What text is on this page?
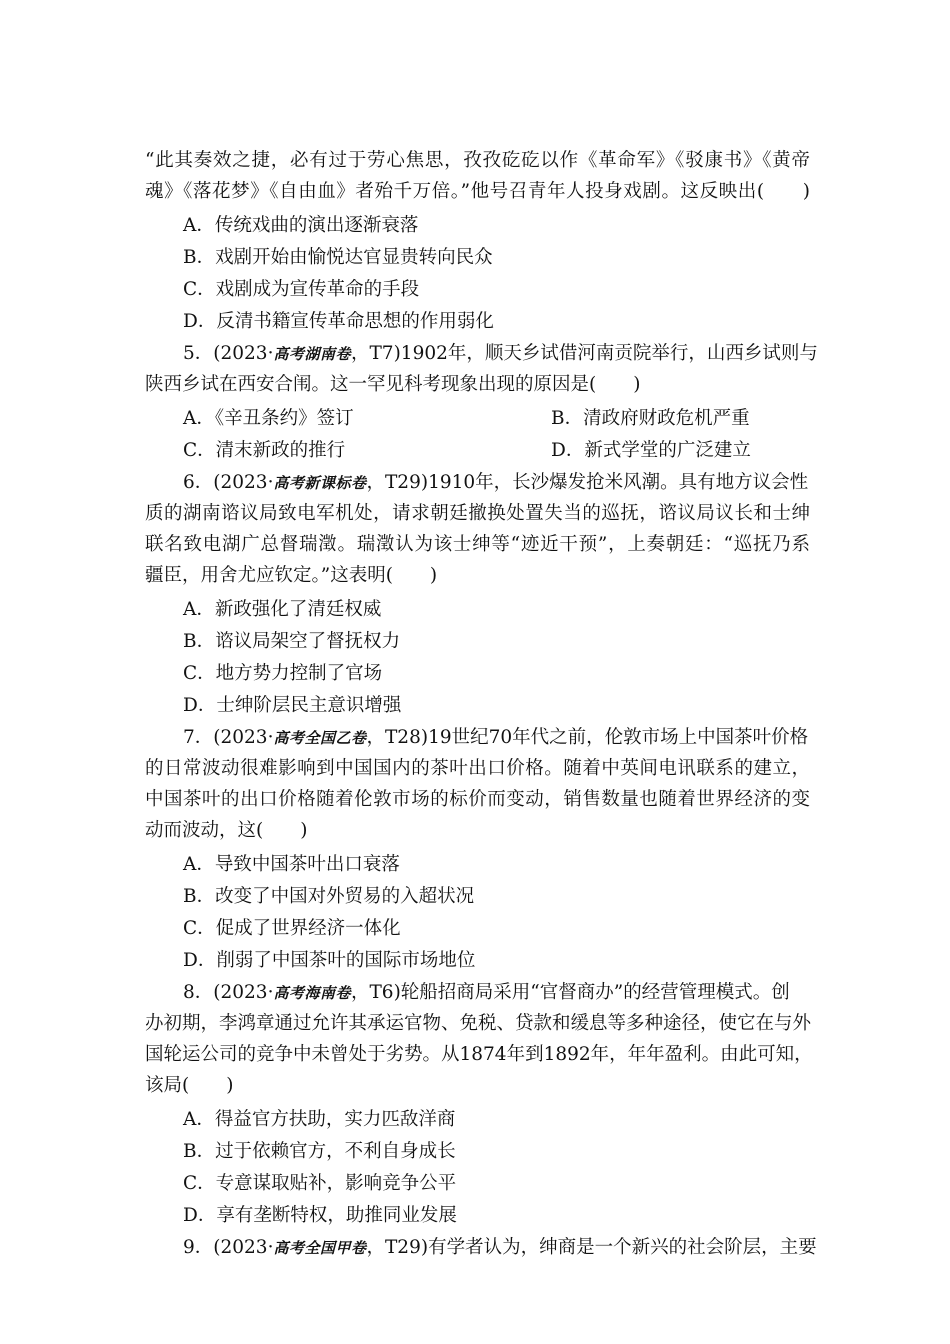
“此其奏效之捷，必有过于劳心焦思，孜孜矻矻以作《革命军》《驳康书》《黄帝
魂》《落花梦》《自由血》者殆千万倍。”他号召青年人投身戏剧。这反映出(　　)
A．传统戏曲的演出逐渐衰落
B．戏剧开始由愉悦达官显贵转向民众
C．戏剧成为宣传革命的手段
D．反清书籍宣传革命思想的作用弱化
5．(2023·高考湖南卷，T7)1902年，顺天乡试借河南贡院举行，山西乡试则与
陕西乡试在西安合闱。这一罕见科考现象出现的原因是(　　)
A．《辛丑条约》签订	B．清政府财政危机严重
C．清末新政的推行	D．新式学堂的广泛建立
6．(2023·高考新课标卷，T29)1910年，长沙爆发抢米风潮。具有地方议会性
质的湖南谘议局致电军机处，请求朝廷撤换处置失当的巡抚，谘议局议长和士绅
联名致电湖广总督瑞澂。瑞澂认为该士绅等“迹近干预”，上奏朝廷：“巡抚乃系
疆臣，用舍尤应钦定。”这表明(　　)
A．新政强化了清廷权威
B．谘议局架空了督抚权力
C．地方势力控制了官场
D．士绅阶层民主意识增强
7．(2023·高考全国乙卷，T28)19世纪70年代之前，伦敦市场上中国茶叶价格
的日常波动很难影响到中国国内的茶叶出口价格。随着中英间电讯联系的建立，
中国茶叶的出口价格随着伦敦市场的标价而变动，销售数量也随着世界经济的变
动而波动，这(　　)
A．导致中国茶叶出口衰落
B．改变了中国对外贸易的入超状况
C．促成了世界经济一体化
D．削弱了中国茶叶的国际市场地位
8．(2023·高考海南卷，T6)轮船招商局采用“官督商办”的经营管理模式。创
办初期，李鸿章通过允许其承运官物、免税、贷款和缓息等多种途径，使它在与外
国轮运公司的竞争中未曾处于劣势。从1874年到1892年，年年盈利。由此可知，
该局(　　)
A．得益官方扶助，实力匹敌洋商
B．过于依赖官方，不利自身成长
C．专意谋取贴补，影响竞争公平
D．享有垄断特权，助推同业发展
9．(2023·高考全国甲卷，T29)有学者认为，绅商是一个新兴的社会阶层，主要
